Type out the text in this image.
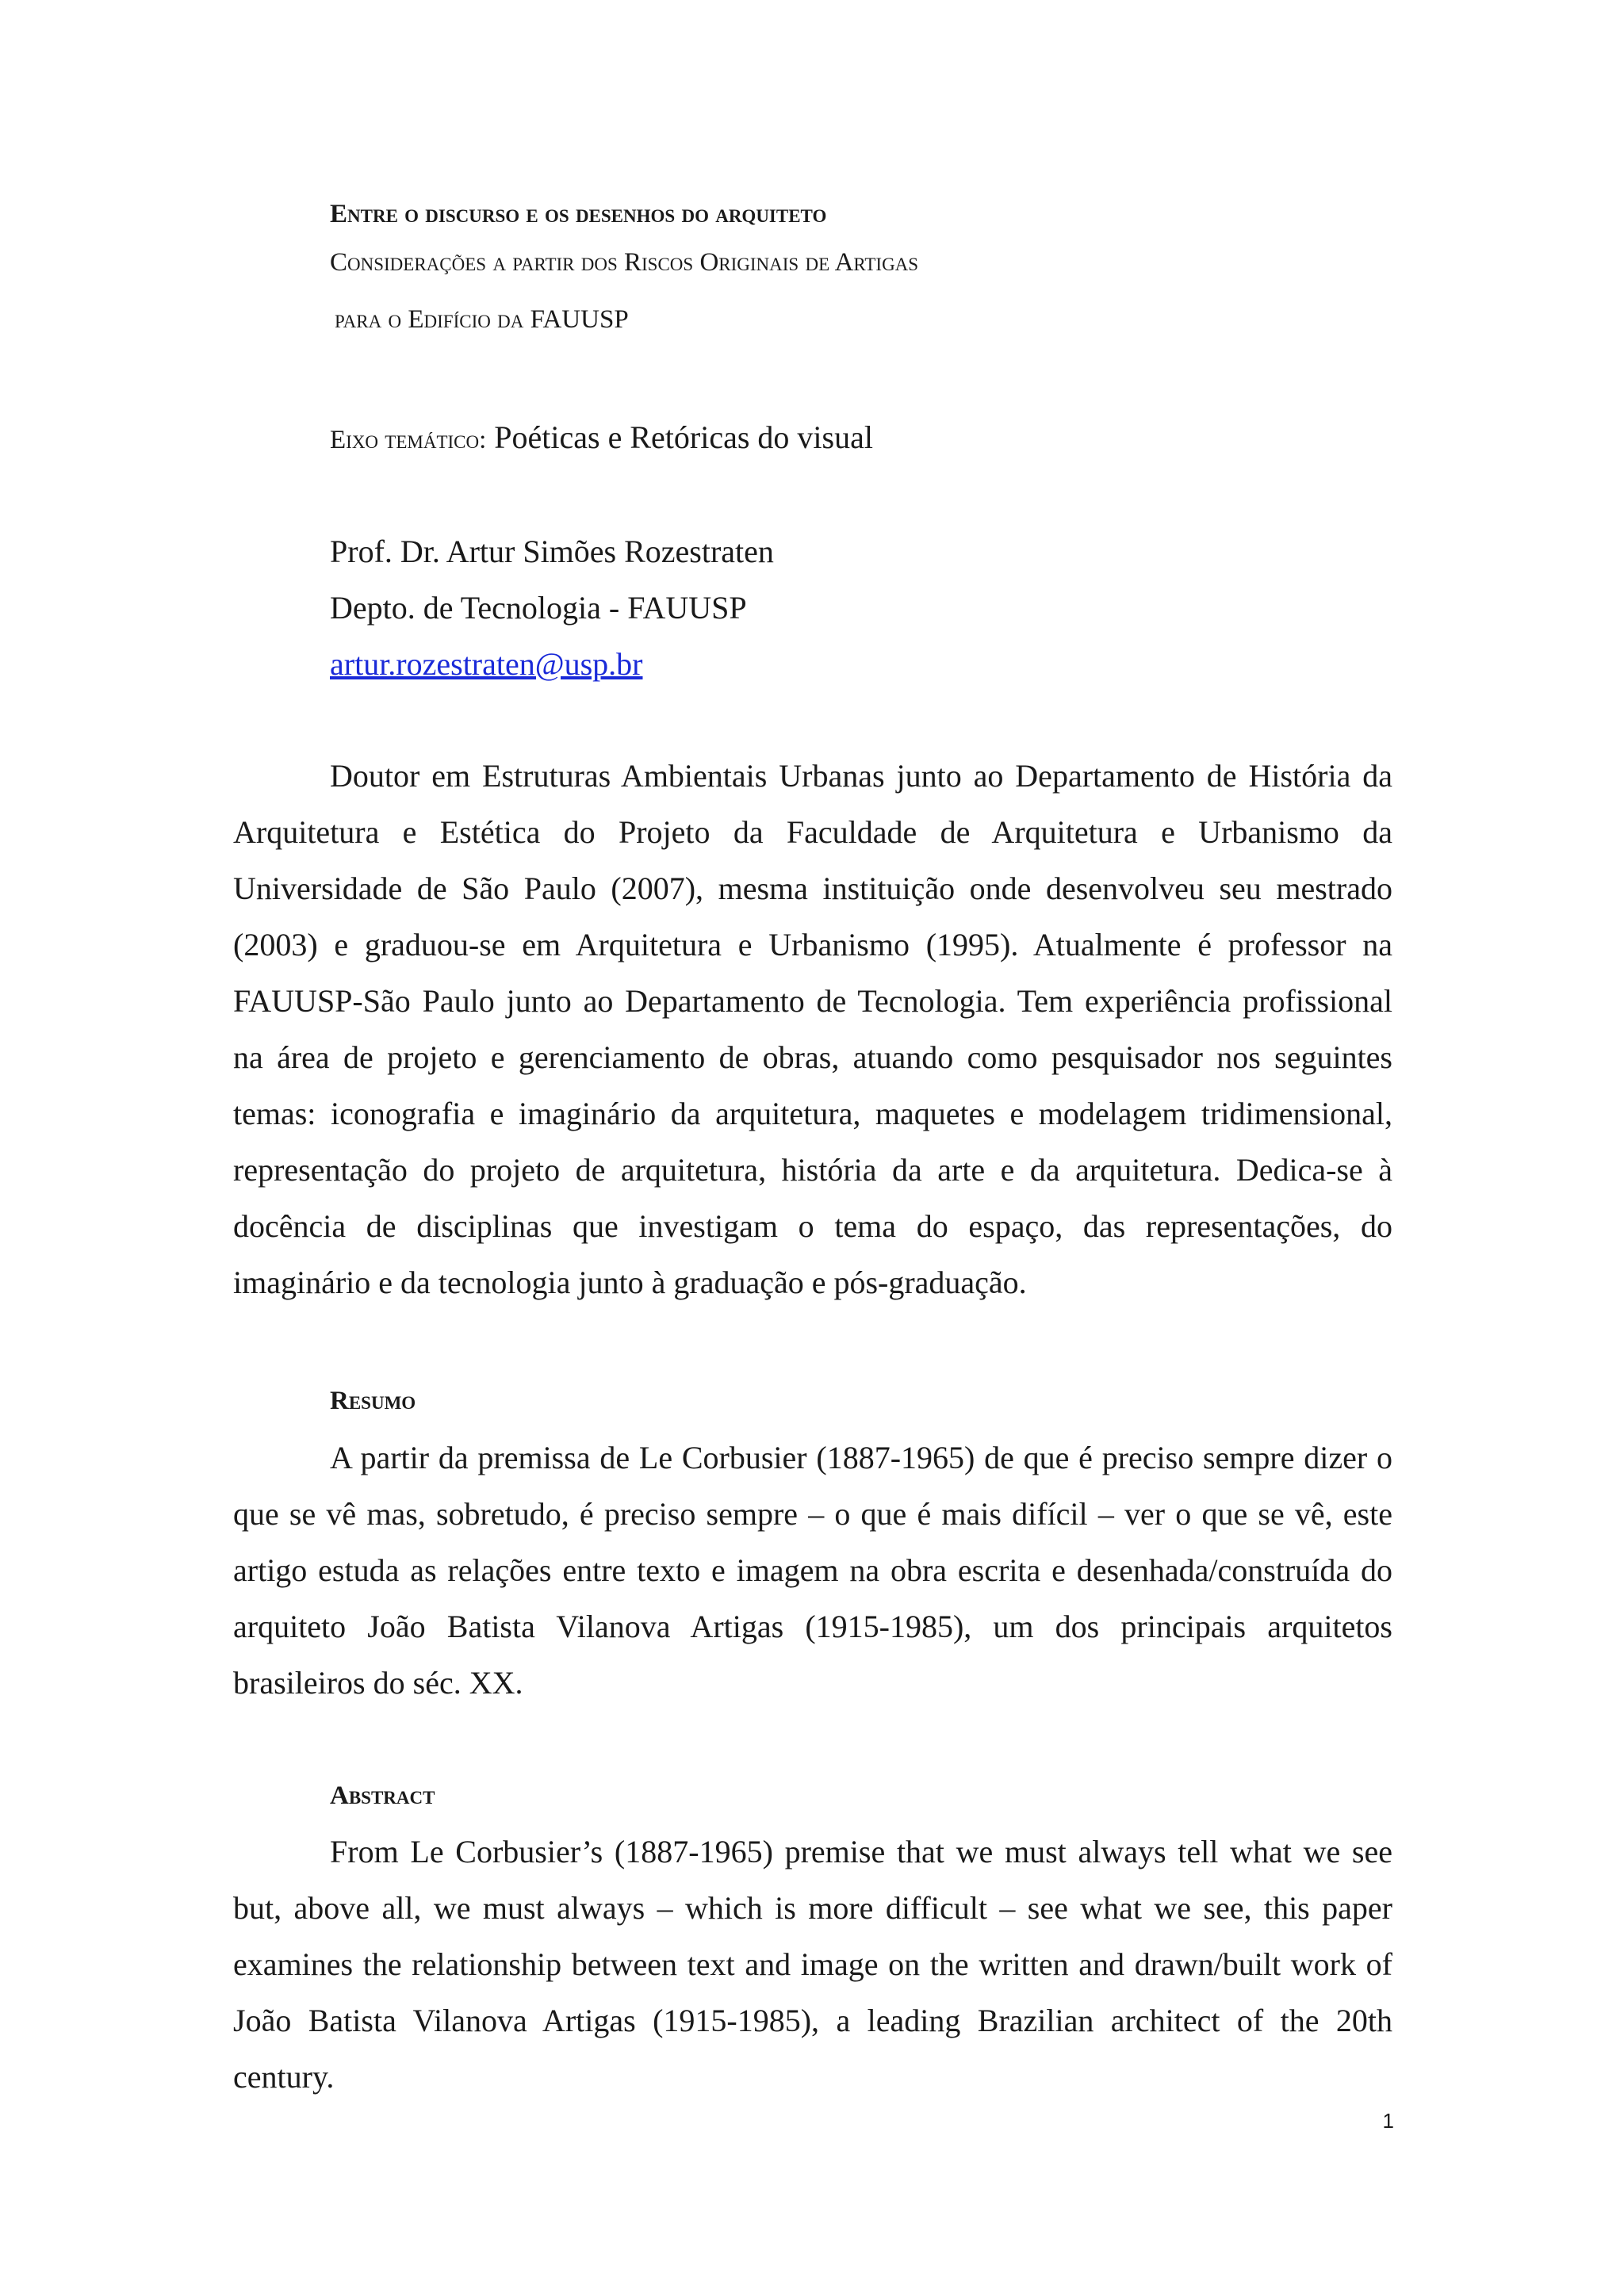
Entre o discurso e os desenhos do arquiteto

Considerações a partir dos Riscos Originais de Artigas

para o Edifício da FAUUSP

Eixo temático: Poéticas e Retóricas do visual

Prof. Dr. Artur Simões Rozestraten

Depto. de Tecnologia - FAUUSP

artur.rozestraten@usp.br

Doutor em Estruturas Ambientais Urbanas junto ao Departamento de História da Arquitetura e Estética do Projeto da Faculdade de Arquitetura e Urbanismo da Universidade de São Paulo (2007), mesma instituição onde desenvolveu seu mestrado (2003) e graduou-se em Arquitetura e Urbanismo (1995). Atualmente é professor na FAUUSP-São Paulo junto ao Departamento de Tecnologia. Tem experiência profissional na área de projeto e gerenciamento de obras, atuando como pesquisador nos seguintes temas: iconografia e imaginário da arquitetura, maquetes e modelagem tridimensional, representação do projeto de arquitetura, história da arte e da arquitetura. Dedica-se à docência de disciplinas que investigam o tema do espaço, das representações, do imaginário e da tecnologia junto à graduação e pós-graduação.

Resumo

A partir da premissa de Le Corbusier (1887-1965) de que é preciso sempre dizer o que se vê mas, sobretudo, é preciso sempre – o que é mais difícil – ver o que se vê, este artigo estuda as relações entre texto e imagem na obra escrita e desenhada/construída do arquiteto João Batista Vilanova Artigas (1915-1985), um dos principais arquitetos brasileiros do séc. XX.

Abstract

From Le Corbusier’s (1887-1965) premise that we must always tell what we see but, above all, we must always – which is more difficult – see what we see, this paper examines the relationship between text and image on the written and drawn/built work of João Batista Vilanova Artigas (1915-1985), a leading Brazilian architect of the 20th century.

1
